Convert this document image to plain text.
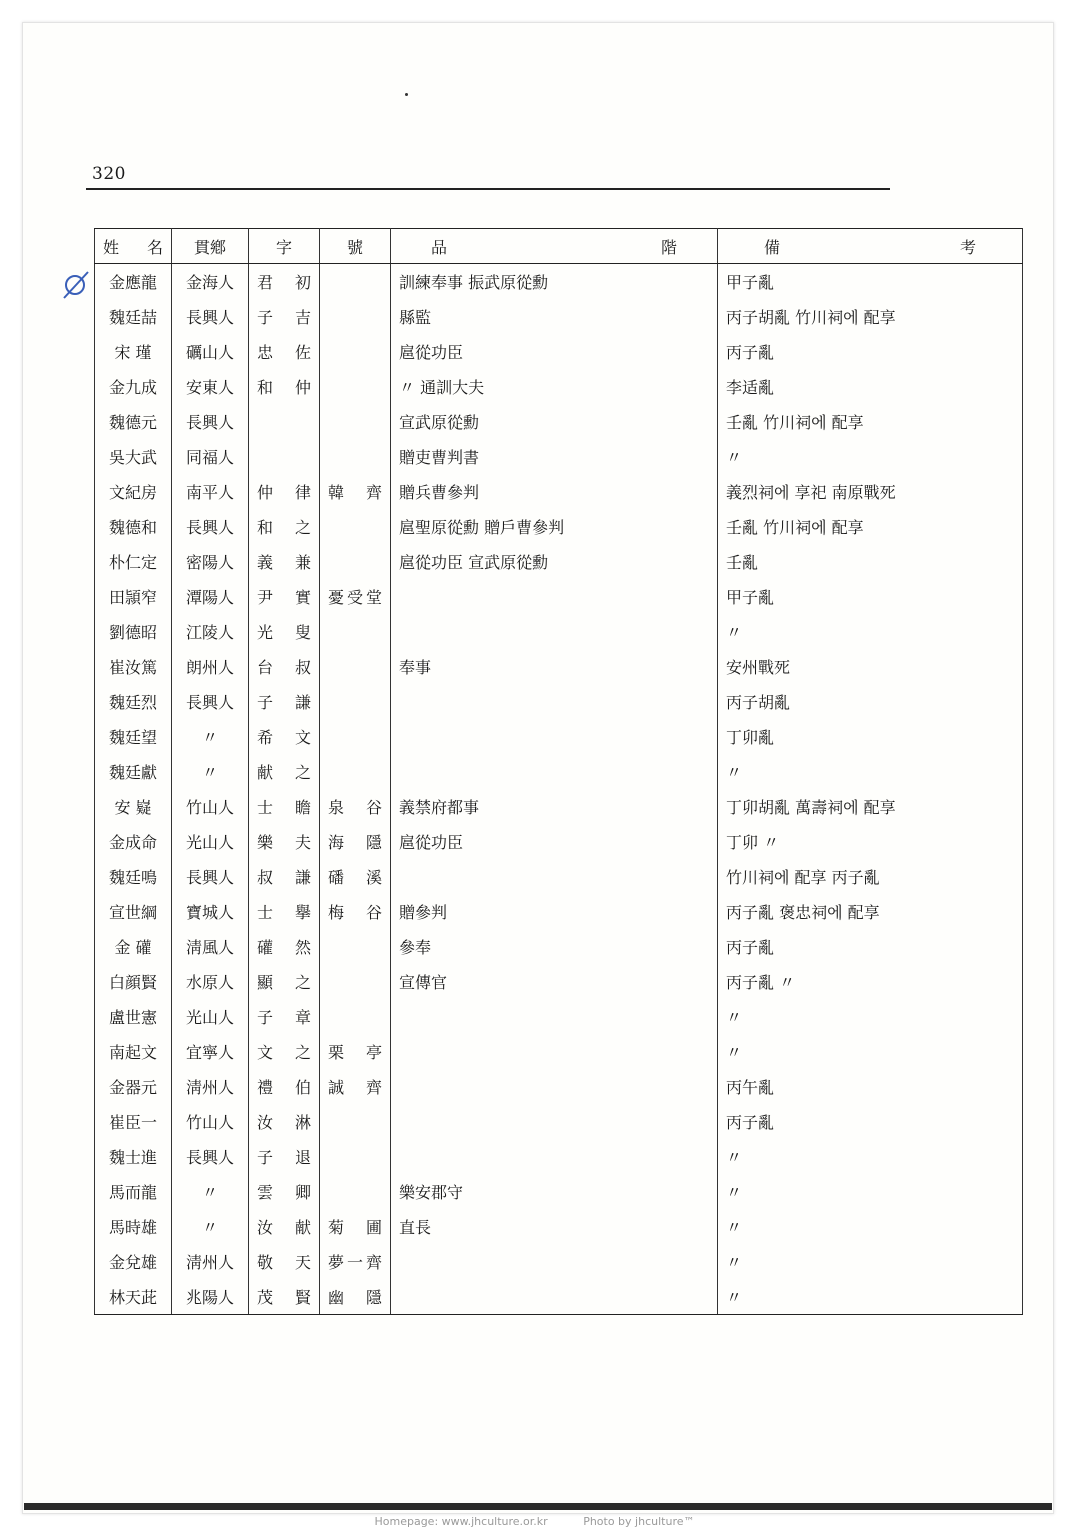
320
姓名	貫鄕	字	號	品階	備考
金應龍	金海人	君初		訓練奉事 振武原從勳	甲子亂
魏廷喆	長興人	子吉		縣監	丙子胡亂 竹川祠에 配享
宋 瑾	礪山人	忠佐		扈從功臣	丙子亂
金九成	安東人	和仲		〃 通訓大夫	李适亂
魏德元	長興人			宣武原從勳	壬亂 竹川祠에 配享
吳大武	同福人			贈吏曹判書	〃
文紀房	南平人	仲律	韓齊	贈兵曹參判	義烈祠에 享祀 南原戰死
魏德和	長興人	和之		扈聖原從勳 贈戶曹參判	壬亂 竹川祠에 配享
朴仁定	密陽人	義兼		扈從功臣 宣武原從勳	壬亂
田頴窄	潭陽人	尹實	憂受堂		甲子亂
劉德昭	江陵人	光叟			〃
崔汝篤	朗州人	台叔		奉事	安州戰死
魏廷烈	長興人	子謙			丙子胡亂
魏廷望	〃	希文			丁卯亂
魏廷獻	〃	献之			〃
安 嶷	竹山人	士瞻	泉谷	義禁府都事	丁卯胡亂 萬壽祠에 配享
金成命	光山人	樂夫	海隱	扈從功臣	丁卯 〃
魏廷鳴	長興人	叔謙	磻溪		竹川祠에 配享 丙子亂
宣世綱	寶城人	士擧	梅谷	贈參判	丙子亂 褒忠祠에 配享
金 礶	淸風人	礶然		參奉	丙子亂
白顔賢	水原人	顯之		宣傳官	丙子亂 〃
盧世憲	光山人	子章			〃
南起文	宜寧人	文之	栗亭		〃
金器元	淸州人	禮伯	誠齊		丙午亂
崔臣一	竹山人	汝淋			丙子亂
魏士進	長興人	子退			〃
馬而龍	〃	雲卿		樂安郡守	〃
馬時雄	〃	汝献	菊圃	直長	〃
金兌雄	淸州人	敬天	夢一齊		〃
林天茈	兆陽人	茂賢	幽隱		〃
Homepage: www.jhculture.or.kr	Photo by jhculture™
